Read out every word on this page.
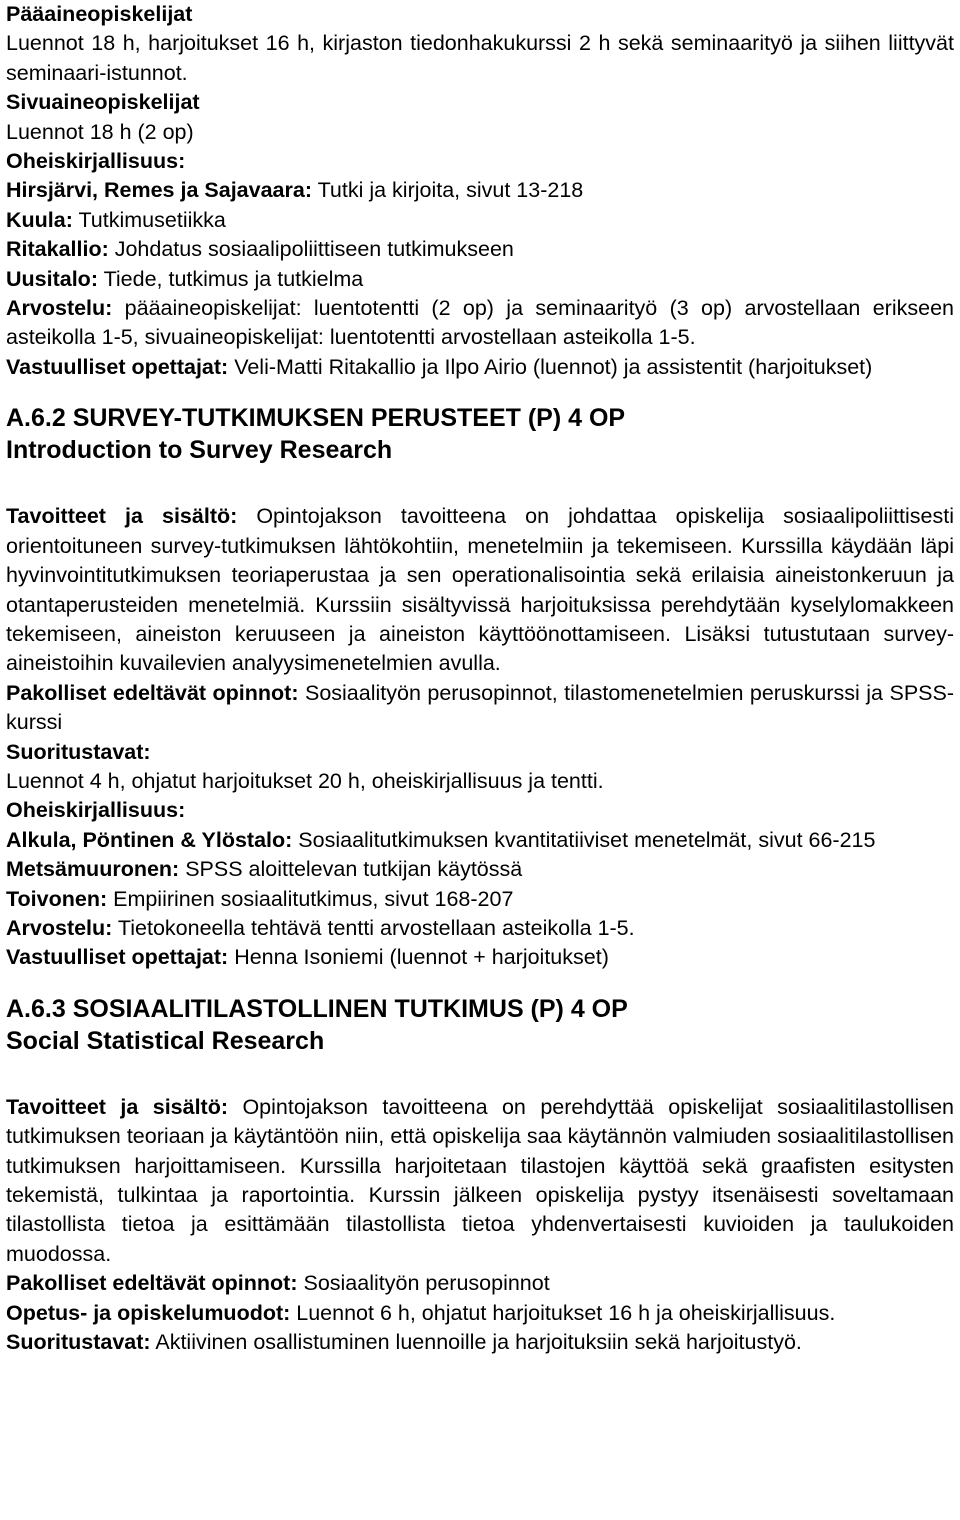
Pääaineopiskelijat

Luennot 18 h, harjoitukset 16 h, kirjaston tiedonhakukurssi 2 h sekä seminaarityö ja siihen liittyvät seminaari-istunnot.

Sivuaineopiskelijat

Luennot 18 h (2 op)

Oheiskirjallisuus:

Hirsjärvi, Remes ja Sajavaara: Tutki ja kirjoita, sivut 13-218

Kuula: Tutkimusetiikka

Ritakallio: Johdatus sosiaalipoliittiseen tutkimukseen

Uusitalo: Tiede, tutkimus ja tutkielma

Arvostelu: pääaineopiskelijat: luentotentti (2 op) ja seminaarityö (3 op) arvostellaan erikseen asteikolla 1-5, sivuaineopiskelijat: luentotentti arvostellaan asteikolla 1-5.

Vastuulliset opettajat: Veli-Matti Ritakallio ja Ilpo Airio (luennot) ja assistentit (harjoitukset)

A.6.2 SURVEY-TUTKIMUKSEN PERUSTEET (P) 4 OP
Introduction to Survey Research

Tavoitteet ja sisältö: Opintojakson tavoitteena on johdattaa opiskelija sosiaalipoliittisesti orientoituneen survey-tutkimuksen lähtökohtiin, menetelmiin ja tekemiseen. Kurssilla käydään läpi hyvinvointitutkimuksen teoriaperustaa ja sen operationalisointia sekä erilaisia aineistonkeruun ja otantaperusteiden menetelmiä. Kurssiin sisältyvissä harjoituksissa perehdytään kyselylomakkeen tekemiseen, aineiston keruuseen ja aineiston käyttöönottamiseen. Lisäksi tutustutaan survey-aineistoihin kuvailevien analyysimenetelmien avulla.

Pakolliset edeltävät opinnot: Sosiaalityön perusopinnot, tilastomenetelmien peruskurssi ja SPSS-kurssi

Suoritustavat:

Luennot 4 h, ohjatut harjoitukset 20 h, oheiskirjallisuus ja tentti.

Oheiskirjallisuus:

Alkula, Pöntinen & Ylöstalo: Sosiaalitutkimuksen kvantitatiiviset menetelmät, sivut 66-215

Metsämuuronen: SPSS aloittelevan tutkijan käytössä

Toivonen: Empiirinen sosiaalitutkimus, sivut 168-207

Arvostelu: Tietokoneella tehtävä tentti arvostellaan asteikolla 1-5.

Vastuulliset opettajat: Henna Isoniemi (luennot + harjoitukset)

A.6.3 SOSIAALITILASTOLLINEN TUTKIMUS (P) 4 OP
Social Statistical Research

Tavoitteet ja sisältö: Opintojakson tavoitteena on perehdyttää opiskelijat sosiaalitilastollisen tutkimuksen teoriaan ja käytäntöön niin, että opiskelija saa käytännön valmiuden sosiaalitilastollisen tutkimuksen harjoittamiseen. Kurssilla harjoitetaan tilastojen käyttöä sekä graafisten esitysten tekemistä, tulkintaa ja raportointia. Kurssin jälkeen opiskelija pystyy itsenäisesti soveltamaan tilastollista tietoa ja esittämään tilastollista tietoa yhdenvertaisesti kuvioiden ja taulukoiden muodossa.

Pakolliset edeltävät opinnot: Sosiaalityön perusopinnot

Opetus- ja opiskelumuodot: Luennot 6 h, ohjatut harjoitukset 16 h ja oheiskirjallisuus.

Suoritustavat: Aktiivinen osallistuminen luennoille ja harjoituksiin sekä harjoitustyö.
